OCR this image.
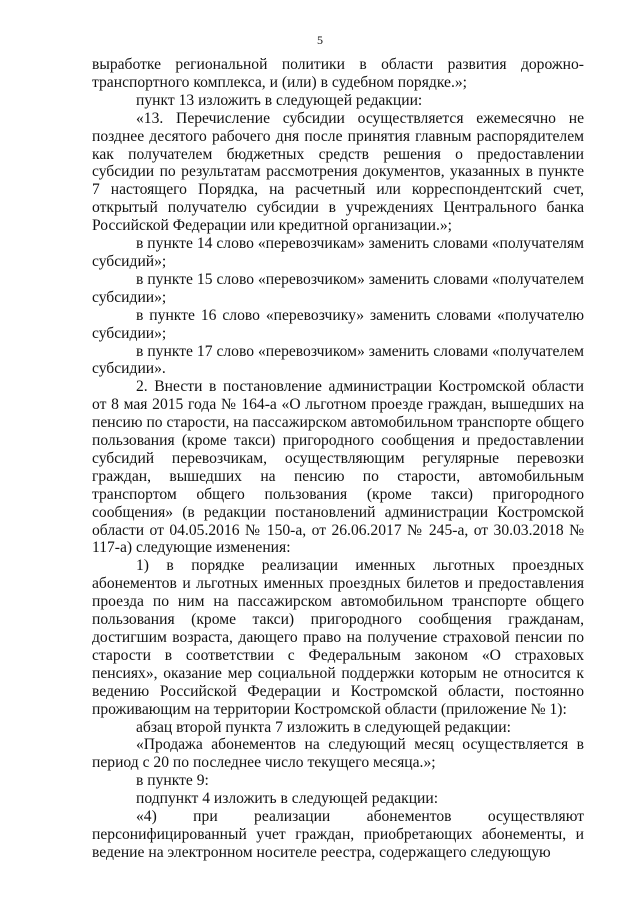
5

выработке региональной политики в области развития дорожно-транспортного комплекса, и (или) в судебном порядке.»;

пункт 13 изложить в следующей редакции:

«13. Перечисление субсидии осуществляется ежемесячно не позднее десятого рабочего дня после принятия главным распорядителем как получателем бюджетных средств решения о предоставлении субсидии по результатам рассмотрения документов, указанных в пункте 7 настоящего Порядка, на расчетный или корреспондентский счет, открытый получателю субсидии в учреждениях Центрального банка Российской Федерации или кредитной организации.»;

в пункте 14 слово «перевозчикам» заменить словами «получателям субсидий»;

в пункте 15 слово «перевозчиком» заменить словами «получателем субсидии»;

в пункте 16 слово «перевозчику» заменить словами «получателю субсидии»;

в пункте 17 слово «перевозчиком» заменить словами «получателем субсидии».

2. Внести в постановление администрации Костромской области от 8 мая 2015 года № 164-а «О льготном проезде граждан, вышедших на пенсию по старости, на пассажирском автомобильном транспорте общего пользования (кроме такси) пригородного сообщения и предоставлении субсидий перевозчикам, осуществляющим регулярные перевозки граждан, вышедших на пенсию по старости, автомобильным транспортом общего пользования (кроме такси) пригородного сообщения» (в редакции постановлений администрации Костромской области от 04.05.2016 № 150-а, от 26.06.2017 № 245-а, от 30.03.2018 № 117-а) следующие изменения:

1) в порядке реализации именных льготных проездных абонементов и льготных именных проездных билетов и предоставления проезда по ним на пассажирском автомобильном транспорте общего пользования (кроме такси) пригородного сообщения гражданам, достигшим возраста, дающего право на получение страховой пенсии по старости в соответствии с Федеральным законом «О страховых пенсиях», оказание мер социальной поддержки которым не относится к ведению Российской Федерации и Костромской области, постоянно проживающим на территории Костромской области (приложение № 1):

абзац второй пункта 7 изложить в следующей редакции:

«Продажа абонементов на следующий месяц осуществляется в период с 20 по последнее число текущего месяца.»;

в пункте 9:

подпункт 4 изложить в следующей редакции:

«4) при реализации абонементов осуществляют персонифицированный учет граждан, приобретающих абонементы, и ведение на электронном носителе реестра, содержащего следующую
